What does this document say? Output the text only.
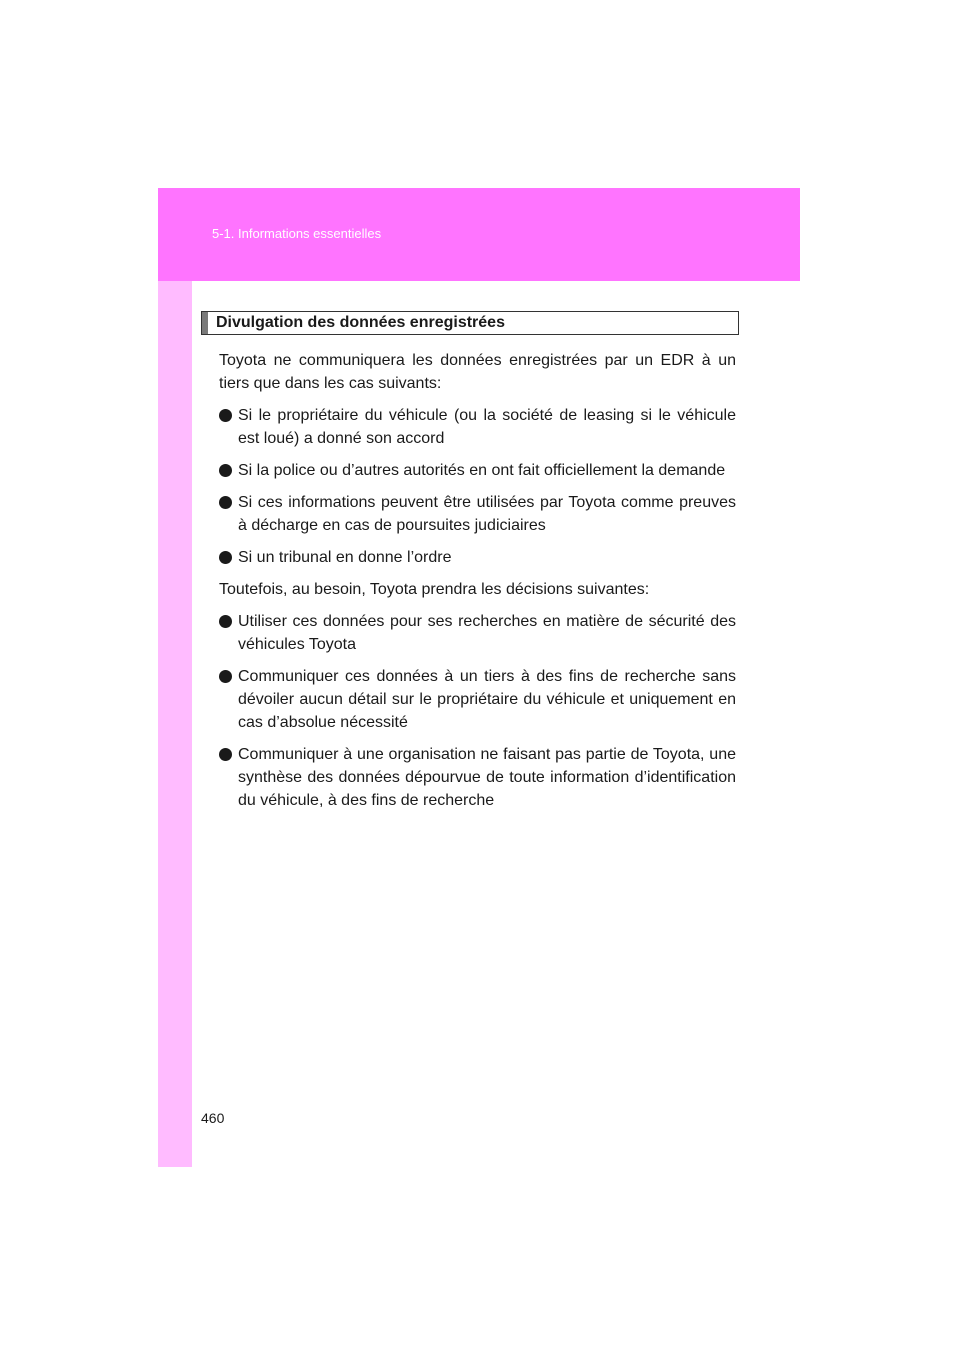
5-1. Informations essentielles
Divulgation des données enregistrées

Toyota ne communiquera les données enregistrées par un EDR à un tiers que dans les cas suivants:

Si le propriétaire du véhicule (ou la société de leasing si le véhicule est loué) a donné son accord
Si la police ou d’autres autorités en ont fait officiellement la demande
Si ces informations peuvent être utilisées par Toyota comme preuves à décharge en cas de poursuites judiciaires
Si un tribunal en donne l’ordre

Toutefois, au besoin, Toyota prendra les décisions suivantes:

Utiliser ces données pour ses recherches en matière de sécurité des véhicules Toyota
Communiquer ces données à un tiers à des fins de recherche sans dévoiler aucun détail sur le propriétaire du véhicule et uniquement en cas d’absolue nécessité
Communiquer à une organisation ne faisant pas partie de Toyota, une synthèse des données dépourvue de toute information d’identification du véhicule, à des fins de recherche
460
